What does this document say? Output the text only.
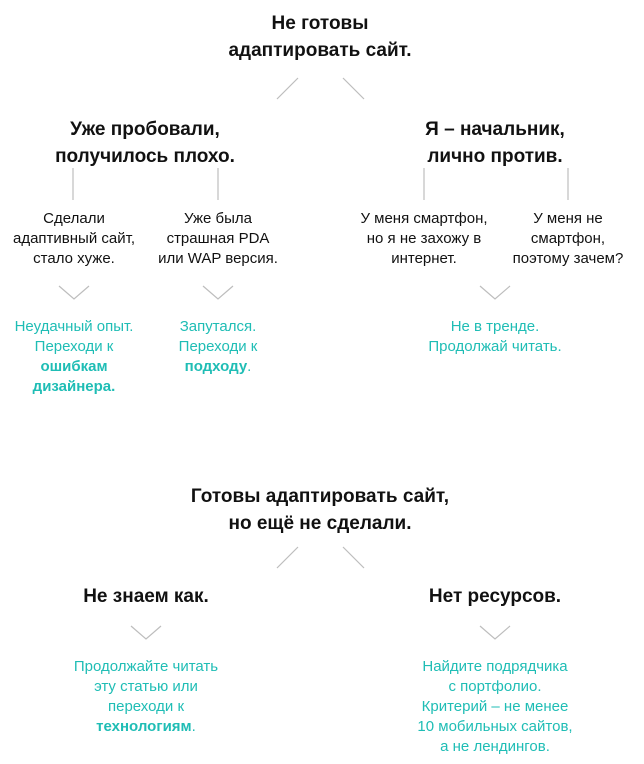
Не готовы
адаптировать сайт.
Уже пробовали,
получилось плохо.
Я – начальник,
лично против.
Сделали
адаптивный сайт,
стало хуже.
Уже была
страшная PDA
или WAP версия.
У меня смартфон,
но я не захожу в
интернет.
У меня не
смартфон,
поэтому зачем?
Неудачный опыт.
Переходи к
ошибкам
дизайнера.
Запутался.
Переходи к
подходу.
Не в тренде.
Продолжай читать.
Готовы адаптировать сайт,
но ещё не сделали.
Не знаем как.	Нет ресурсов.
Продолжайте читать
эту статью или
переходи к
технологиям.
Найдите подрядчика
с портфолио.
Критерий – не менее
10 мобильных сайтов,
а не лендингов.
